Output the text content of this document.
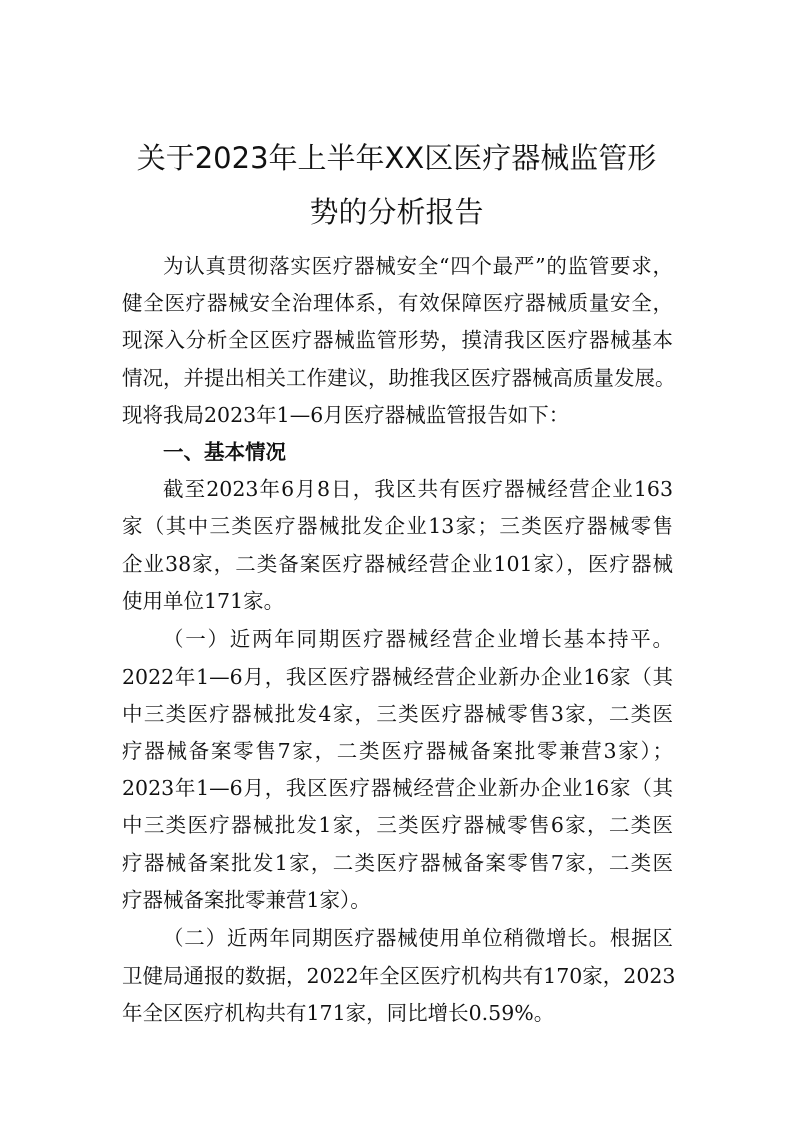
关于2023年上半年XX区医疗器械监管形
势的分析报告
为认真贯彻落实医疗器械安全“四个最严”的监管要求，
健全医疗器械安全治理体系，有效保障医疗器械质量安全，
现深入分析全区医疗器械监管形势，摸清我区医疗器械基本
情况，并提出相关工作建议，助推我区医疗器械高质量发展。
现将我局2023年1—6月医疗器械监管报告如下：
一、基本情况
截至2023年6月8日，我区共有医疗器械经营企业163
家（其中三类医疗器械批发企业13家；三类医疗器械零售
企业38家，二类备案医疗器械经营企业101家），医疗器械
使用单位171家。
（一）近两年同期医疗器械经营企业增长基本持平。
2022年1—6月，我区医疗器械经营企业新办企业16家（其
中三类医疗器械批发4家，三类医疗器械零售3家，二类医
疗器械备案零售7家，二类医疗器械备案批零兼营3家）；
2023年1—6月，我区医疗器械经营企业新办企业16家（其
中三类医疗器械批发1家，三类医疗器械零售6家，二类医
疗器械备案批发1家，二类医疗器械备案零售7家，二类医
疗器械备案批零兼营1家）。
（二）近两年同期医疗器械使用单位稍微增长。根据区
卫健局通报的数据，2022年全区医疗机构共有170家，2023
年全区医疗机构共有171家，同比增长0.59%。
